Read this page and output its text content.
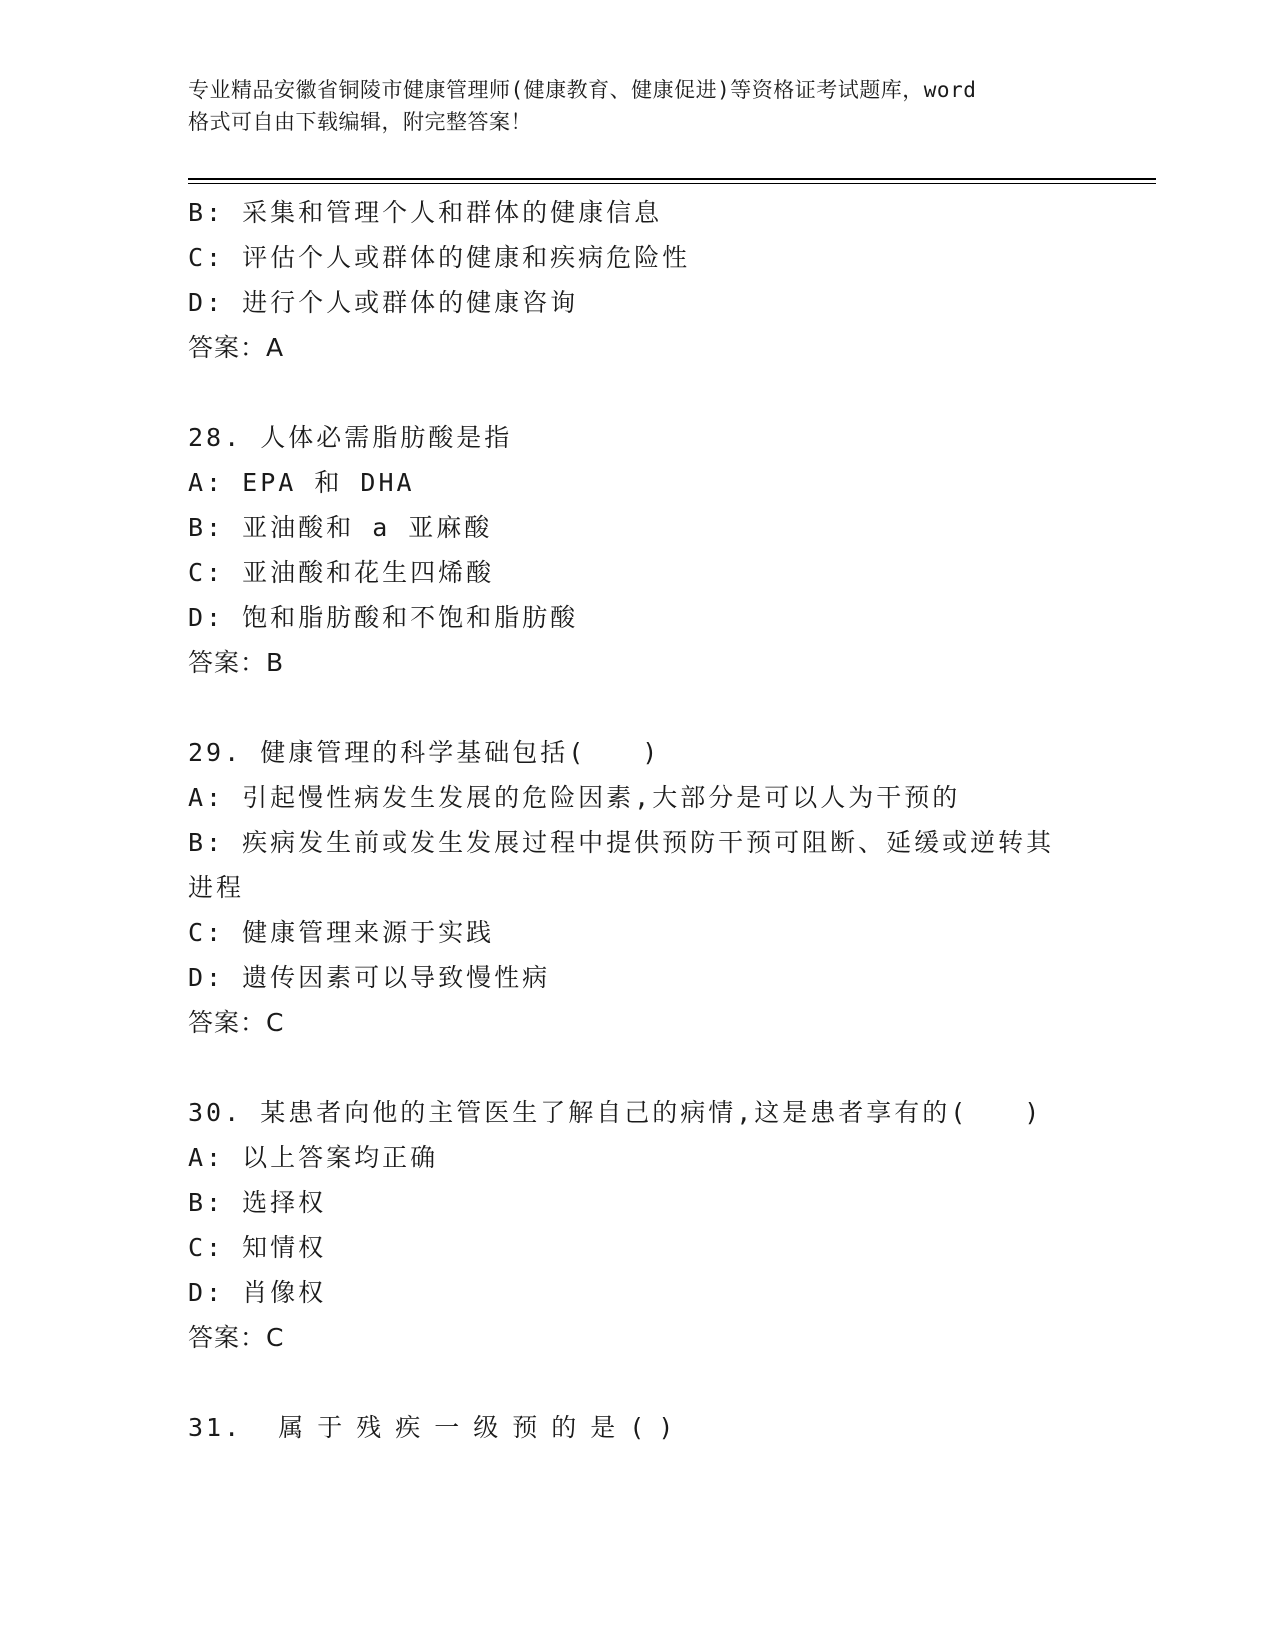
专业精品安徽省铜陵市健康管理师(健康教育、健康促进)等资格证考试题库，word
格式可自由下载编辑，附完整答案！
B: 采集和管理个人和群体的健康信息
C: 评估个人或群体的健康和疾病危险性
D: 进行个人或群体的健康咨询
答案：A
28. 人体必需脂肪酸是指
A: EPA 和 DHA
B: 亚油酸和 a 亚麻酸
C: 亚油酸和花生四烯酸
D: 饱和脂肪酸和不饱和脂肪酸
答案：B
29. 健康管理的科学基础包括(　　)
A: 引起慢性病发生发展的危险因素,大部分是可以人为干预的
B: 疾病发生前或发生发展过程中提供预防干预可阻断、延缓或逆转其
进程
C: 健康管理来源于实践
D: 遗传因素可以导致慢性病
答案：C
30. 某患者向他的主管医生了解自己的病情,这是患者享有的(　　)
A: 以上答案均正确
B: 选择权
C: 知情权
D: 肖像权
答案：C
31. 属于残疾一级预的是()
